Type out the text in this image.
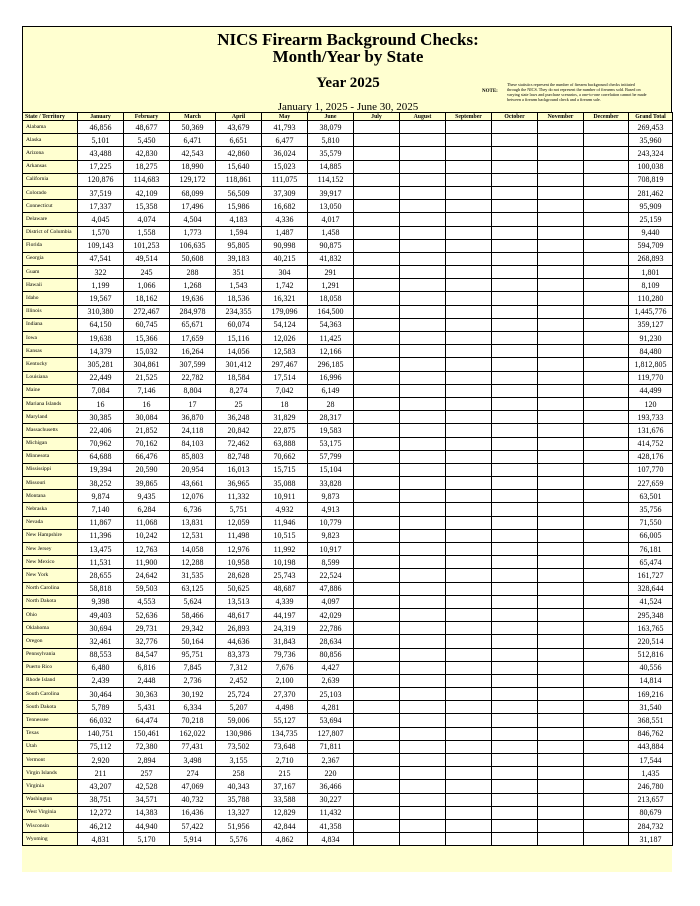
NICS Firearm Background Checks:
Month/Year by State
Year 2025
January 1, 2025 - June 30, 2025
NOTE:
These statistics represent the number of firearm background checks initiated through the NICS. They do not represent the number of firearms sold. Based on varying state laws and purchase scenarios, a one-to-one correlation cannot be made between a firearm background check and a firearm sale.
State / Territory	January	February	March	April	May	June	July	August	September	October	November	December	Grand Total
Alabama	46,856	48,677	50,369	43,679	41,793	38,079							269,453
Alaska	5,101	5,450	6,471	6,651	6,477	5,810							35,960
Arizona	43,488	42,830	42,543	42,860	36,024	35,579							243,324
Arkansas	17,225	18,275	18,990	15,640	15,023	14,885							100,038
California	120,876	114,683	129,172	118,861	111,075	114,152							708,819
Colorado	37,519	42,109	68,099	56,509	37,309	39,917							281,462
Connecticut	17,337	15,358	17,496	15,986	16,682	13,050							95,909
Delaware	4,045	4,074	4,504	4,183	4,336	4,017							25,159
District of Columbia	1,570	1,558	1,773	1,594	1,487	1,458							9,440
Florida	109,143	101,253	106,635	95,805	90,998	90,875							594,709
Georgia	47,541	49,514	50,608	39,183	40,215	41,832							268,893
Guam	322	245	288	351	304	291							1,801
Hawaii	1,199	1,066	1,268	1,543	1,742	1,291							8,109
Idaho	19,567	18,162	19,636	18,536	16,321	18,058							110,280
Illinois	310,380	272,467	284,978	234,355	179,096	164,500							1,445,776
Indiana	64,150	60,745	65,671	60,074	54,124	54,363							359,127
Iowa	19,638	15,366	17,659	15,116	12,026	11,425							91,230
Kansas	14,379	15,032	16,264	14,056	12,583	12,166							84,480
Kentucky	305,281	304,861	307,599	301,412	297,467	296,185							1,812,805
Louisiana	22,449	21,525	22,782	18,584	17,514	16,996							119,770
Maine	7,084	7,146	8,804	8,274	7,042	6,149							44,499
Mariana Islands	16	16	17	25	18	28							120
Maryland	30,385	30,084	36,870	36,248	31,829	28,317							193,733
Massachusetts	22,406	21,852	24,118	20,842	22,875	19,583							131,676
Michigan	70,962	70,162	84,103	72,462	63,888	53,175							414,752
Minnesota	64,688	66,476	85,803	82,748	70,662	57,799							428,176
Mississippi	19,394	20,590	20,954	16,013	15,715	15,104							107,770
Missouri	38,252	39,865	43,661	36,965	35,088	33,828							227,659
Montana	9,874	9,435	12,076	11,332	10,911	9,873							63,501
Nebraska	7,140	6,284	6,736	5,751	4,932	4,913							35,756
Nevada	11,867	11,068	13,831	12,059	11,946	10,779							71,550
New Hampshire	11,396	10,242	12,531	11,498	10,515	9,823							66,005
New Jersey	13,475	12,763	14,058	12,976	11,992	10,917							76,181
New Mexico	11,531	11,900	12,288	10,958	10,198	8,599							65,474
New York	28,655	24,642	31,535	28,628	25,743	22,524							161,727
North Carolina	58,818	59,503	63,125	50,625	48,687	47,886							328,644
North Dakota	9,398	4,553	5,624	13,513	4,339	4,097							41,524
Ohio	49,403	52,636	58,466	48,617	44,197	42,029							295,348
Oklahoma	30,694	29,731	29,342	26,893	24,319	22,786							163,765
Oregon	32,461	32,776	50,164	44,636	31,843	28,634							220,514
Pennsylvania	88,553	84,547	95,751	83,373	79,736	80,856							512,816
Puerto Rico	6,480	6,816	7,845	7,312	7,676	4,427							40,556
Rhode Island	2,439	2,448	2,736	2,452	2,100	2,639							14,814
South Carolina	30,464	30,363	30,192	25,724	27,370	25,103							169,216
South Dakota	5,789	5,431	6,334	5,207	4,498	4,281							31,540
Tennessee	66,032	64,474	70,218	59,006	55,127	53,694							368,551
Texas	140,751	150,461	162,022	130,986	134,735	127,807							846,762
Utah	75,112	72,380	77,431	73,502	73,648	71,811							443,884
Vermont	2,920	2,894	3,498	3,155	2,710	2,367							17,544
Virgin Islands	211	257	274	258	215	220							1,435
Virginia	43,207	42,528	47,069	40,343	37,167	36,466							246,780
Washington	38,751	34,571	40,732	35,788	33,588	30,227							213,657
West Virginia	12,272	14,383	16,436	13,327	12,829	11,432							80,679
Wisconsin	46,212	44,940	57,422	51,956	42,844	41,358							284,732
Wyoming	4,831	5,170	5,914	5,576	4,862	4,834							31,187
